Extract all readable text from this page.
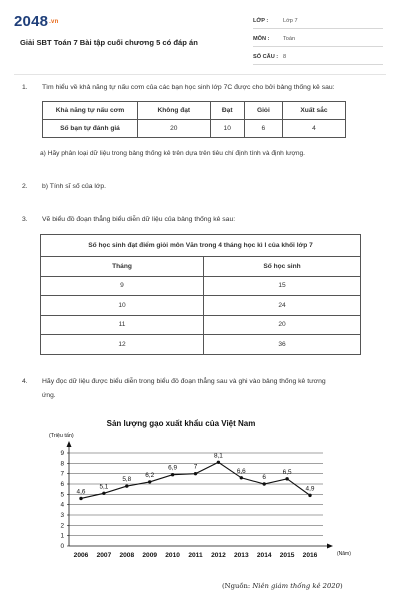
2048.vn
Giải SBT Toán 7 Bài tập cuối chương 5 có đáp án
LỚP :	Lớp 7
MÔN :	Toán
SỐ CÂU : 8
1.	Tìm hiểu về khả năng tự nấu cơm của các bạn học sinh lớp 7C được cho bởi bảng thống kê sau:
Khả năng tự nấu cơm	Không đạt	Đạt	Giỏi	Xuất sắc
Số bạn tự đánh giá	20	10	6	4
a) Hãy phân loại dữ liệu trong bảng thống kê trên dựa trên tiêu chí định tính và định lượng.
2.	b) Tính sĩ số của lớp.
3.	Vẽ biểu đồ đoạn thẳng biểu diễn dữ liệu của bảng thống kê sau:
Số học sinh đạt điểm giỏi môn Văn trong 4 tháng học kì I của khối lớp 7	
Tháng	Số học sinh
9	15
10	24
11	20
12	36
4.	Hãy đọc dữ liệu được biểu diễn trong biểu đồ đoạn thẳng sau và ghi vào bảng thống kê tương
ứng.
Sản lượng gạo xuất khẩu của Việt Nam
(Triệu tấn)
0
1
2
3
4
5
6
7
8
9
2006 2007 2008 2009 2010 2011 2012 2013 2014 2015 2016
4,6
5,1
5,8
6,2
6,9	7
8,1
6,6
6
6,5
4,9
(Năm)
(Nguồn: Niên giám thống kê 2020)
